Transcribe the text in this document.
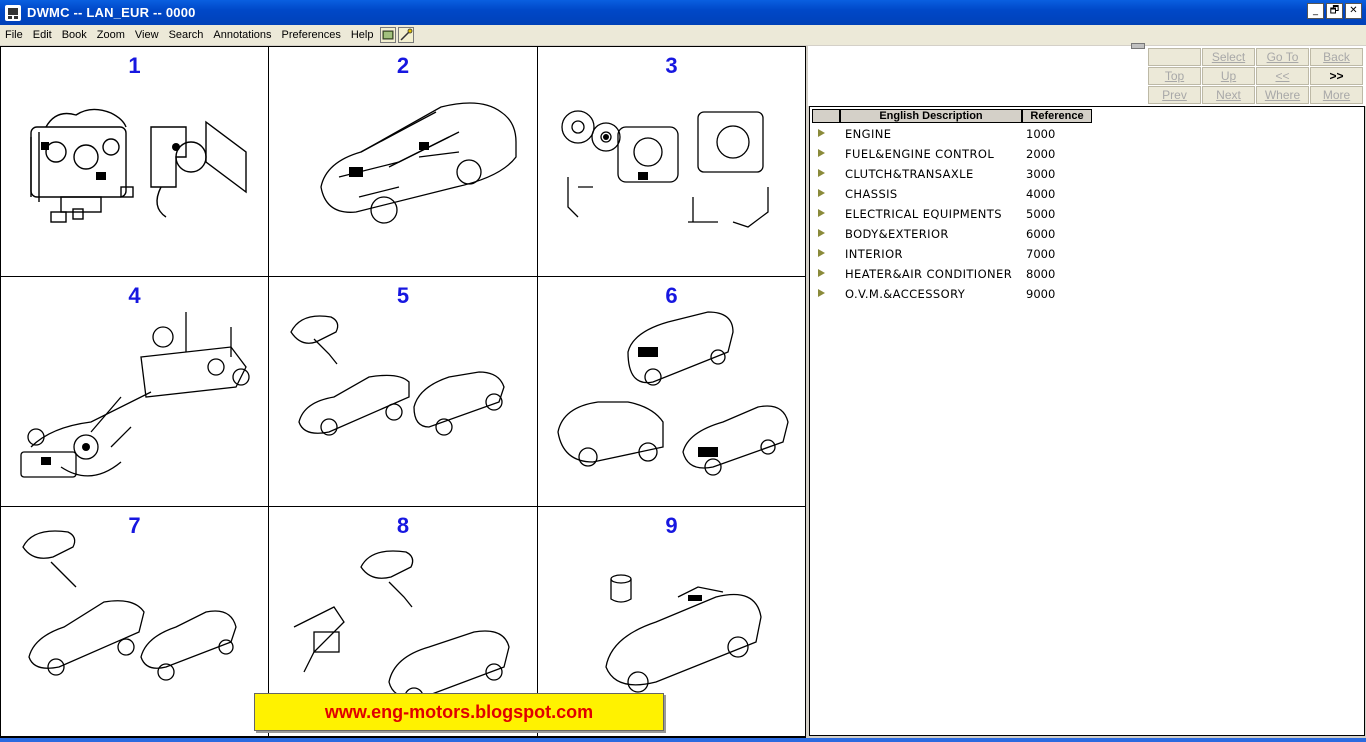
DWMC -- LAN_EUR -- 0000	_	🗗	✕
File Edit Book Zoom View Search Annotations Preferences Help
1	2	3
4	5	6
7	8	9
Select	Go To	Back
Top	Up	<<	>>
Prev	Next	Where	More
English Description	Reference
ENGINE	1000
FUEL&ENGINE CONTROL	2000
CLUTCH&TRANSAXLE	3000
CHASSIS	4000
ELECTRICAL EQUIPMENTS 5000
BODY&EXTERIOR	6000
INTERIOR	7000
HEATER&AIR CONDITIONER 8000
O.V.M.&ACCESSORY	9000
www.eng-motors.blogspot.com
